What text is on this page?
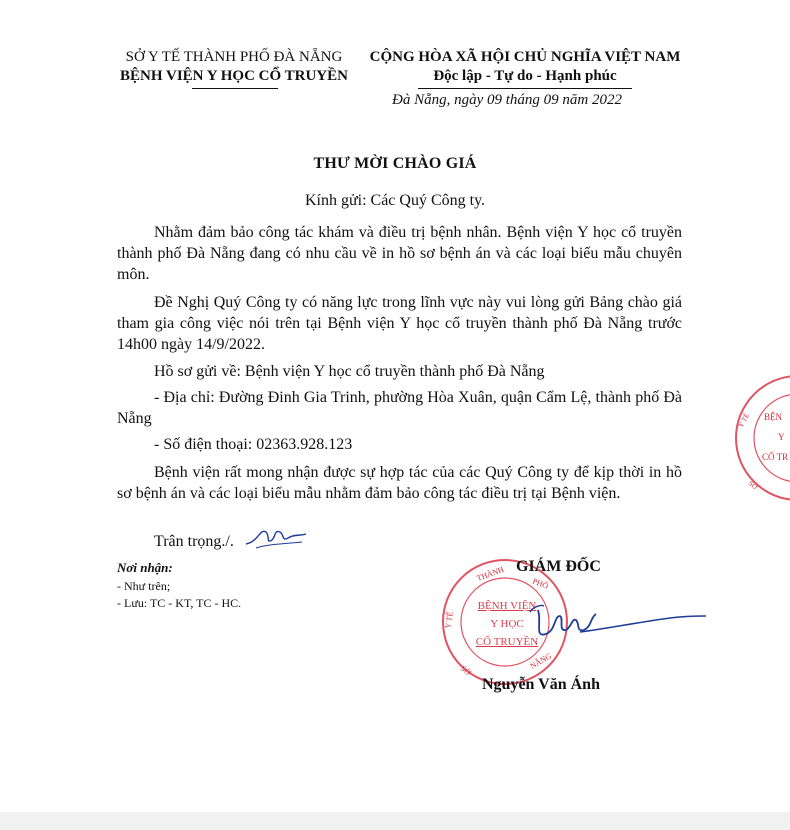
SỞ Y TẾ THÀNH PHỐ ĐÀ NẴNG
BỆNH VIỆN Y HỌC CỔ TRUYỀN
CỘNG HÒA XÃ HỘI CHỦ NGHĨA VIỆT NAM
Độc lập - Tự do - Hạnh phúc
Đà Nẵng, ngày 09 tháng 09 năm 2022
THƯ MỜI CHÀO GIÁ
Kính gửi: Các Quý Công ty.
Nhằm đảm bảo công tác khám và điều trị bệnh nhân. Bệnh viện Y học cổ truyền thành phố Đà Nẵng đang có nhu cầu về in hồ sơ bệnh án và các loại biểu mẫu chuyên môn.
Đề Nghị Quý Công ty có năng lực trong lĩnh vực này vui lòng gửi Bảng chào giá tham gia công việc nói trên tại Bệnh viện Y học cổ truyền thành phố Đà Nẵng trước 14h00 ngày 14/9/2022.
Hồ sơ gửi về: Bệnh viện Y học cổ truyền thành phố Đà Nẵng
- Địa chỉ: Đường Đinh Gia Trinh, phường Hòa Xuân, quận Cẩm Lệ, thành phố Đà Nẵng
- Số điện thoại: 02363.928.123
Bệnh viện rất mong nhận được sự hợp tác của các Quý Công ty để kịp thời in hồ sơ bệnh án và các loại biểu mẫu nhằm đảm bảo công tác điều trị tại Bệnh viện.
Trân trọng./.
Nơi nhận:
- Như trên;
- Lưu: TC - KT, TC - HC.
THÀNH
PHỐ
Y TẾ
SỞ	NẴNG
BỆNH VIỆN
Y HỌC
CỔ TRUYỀN
BỆN
Y
CỔ TR
Y TẾ
SỞ
GIÁM ĐỐC
Nguyễn Văn Ánh
